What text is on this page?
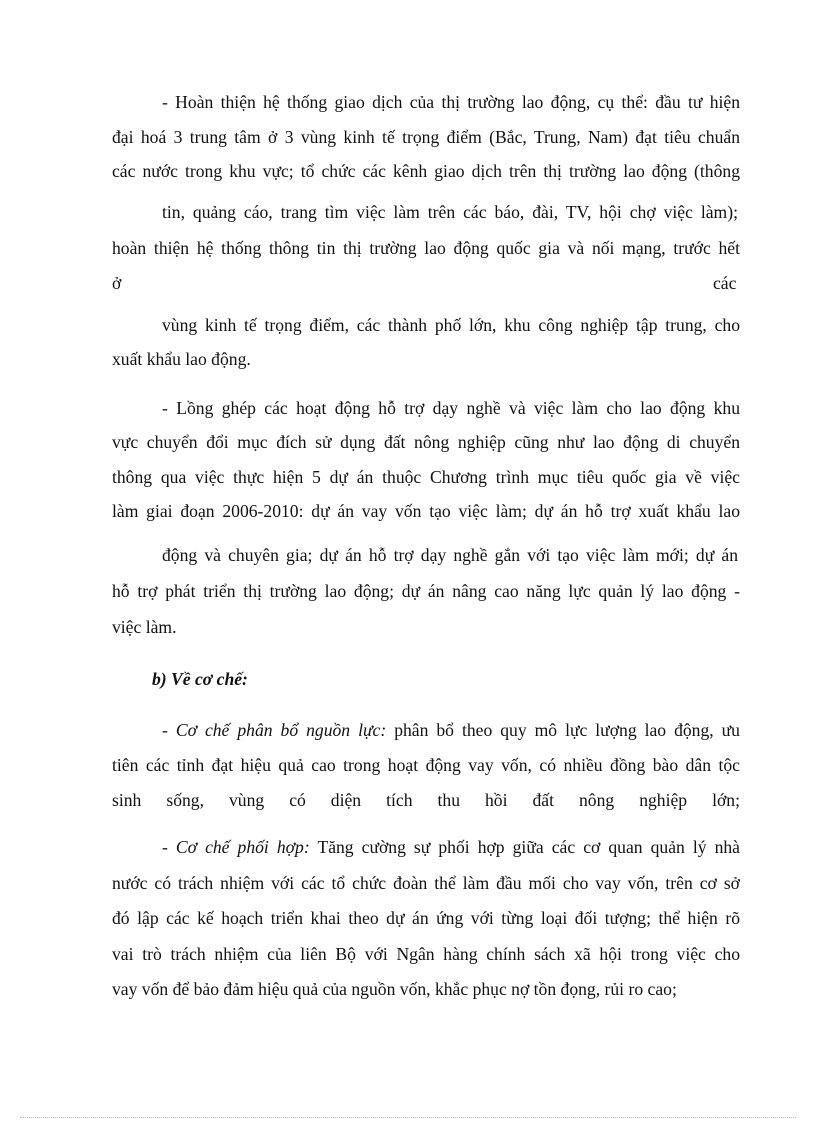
- Hoàn thiện hệ thống giao dịch của thị trường lao động, cụ thể: đầu tư hiện
đại hoá 3 trung tâm ở 3 vùng kinh tế trọng điểm (Bắc, Trung, Nam) đạt tiêu chuẩn
các nước trong khu vực; tổ chức các kênh giao dịch trên thị trường lao động (thông
tin, quảng cáo, trang tìm việc làm trên các báo, đài, TV, hội chợ việc làm);
hoàn thiện hệ thống thông tin thị trường lao động quốc gia và nối mạng, trước hết
ở	các
vùng kinh tế trọng điểm, các thành phố lớn, khu công nghiệp tập trung, cho
xuất khẩu lao động.
- Lồng ghép các hoạt động hỗ trợ dạy nghề và việc làm cho lao động khu
vực chuyển đổi mục đích sử dụng đất nông nghiệp cũng như lao động di chuyển
thông qua việc thực hiện 5 dự án thuộc Chương trình mục tiêu quốc gia về việc
làm giai đoạn 2006-2010: dự án vay vốn tạo việc làm; dự án hỗ trợ xuất khẩu lao
động và chuyên gia; dự án hỗ trợ dạy nghề gắn với tạo việc làm mới; dự án
hỗ trợ phát triển thị trường lao động; dự án nâng cao năng lực quản lý lao động -
việc làm.
b) Về cơ chế:
- Cơ chế phân bổ nguồn lực: phân bổ theo quy mô lực lượng lao động, ưu
tiên các tỉnh đạt hiệu quả cao trong hoạt động vay vốn, có nhiều đồng bào dân tộc
sinh sống, vùng có diện tích thu hồi đất nông nghiệp lớn;
- Cơ chế phối hợp: Tăng cường sự phối hợp giữa các cơ quan quản lý nhà
nước có trách nhiệm với các tổ chức đoàn thể làm đầu mối cho vay vốn, trên cơ sở
đó lập các kế hoạch triển khai theo dự án ứng với từng loại đối tượng; thể hiện rõ
vai trò trách nhiệm của liên Bộ với Ngân hàng chính sách xã hội trong việc cho
vay vốn để bảo đảm hiệu quả của nguồn vốn, khắc phục nợ tồn đọng, rủi ro cao;
